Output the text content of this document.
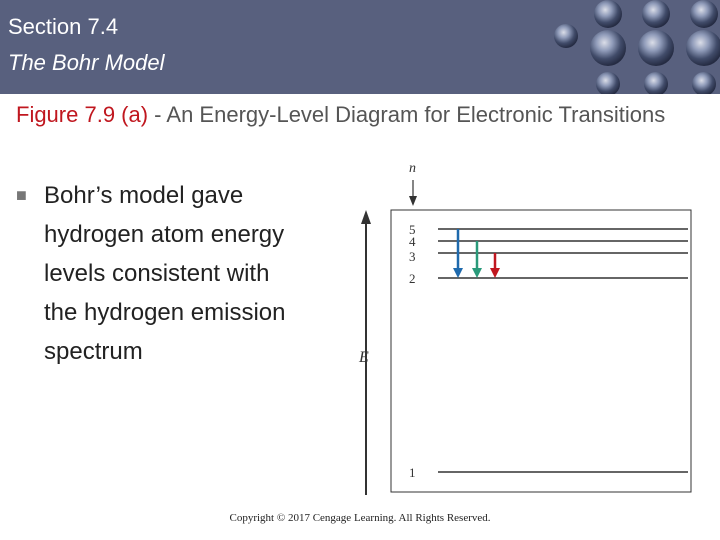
Section 7.4
The Bohr Model
Figure 7.9 (a) - An Energy-Level Diagram for Electronic Transitions
■ Bohr’s model gave
hydrogen atom energy
levels consistent with
the hydrogen emission
spectrum	E
n
5
4
3
2
1
Copyright © 2017 Cengage Learning. All Rights Reserved.
